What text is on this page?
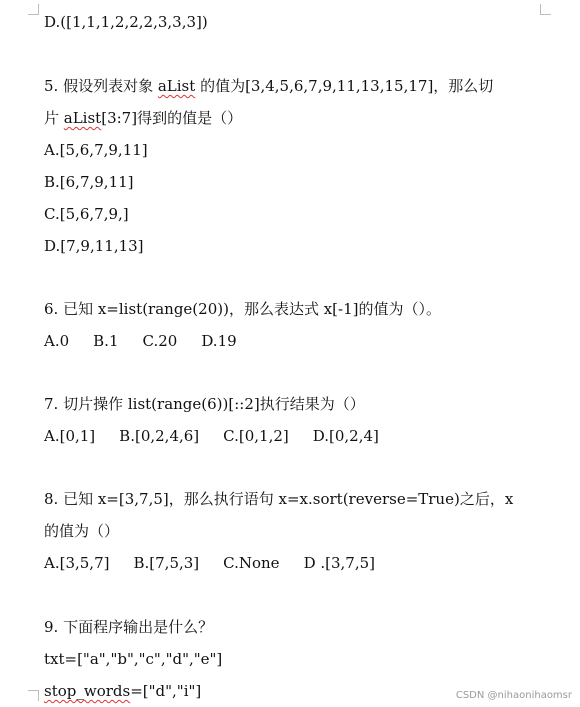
D.([1,1,1,2,2,2,3,3,3])
5. 假设列表对象 aList 的值为[3,4,5,6,7,9,11,13,15,17]，那么切
片 aList[3:7]得到的值是（）
A.[5,6,7,9,11]
B.[6,7,9,11]
C.[5,6,7,9,]
D.[7,9,11,13]
6. 已知 x=list(range(20))，那么表达式 x[-1]的值为（）。
A.0 B.1 C.20 D.19
7. 切片操作 list(range(6))[::2]执行结果为（）
A.[0,1] B.[0,2,4,6] C.[0,1,2] D.[0,2,4]
8. 已知 x=[3,7,5]，那么执行语句 x=x.sort(reverse=True)之后，x
的值为（）
A.[3,5,7] B.[7,5,3] C.None D .[3,7,5]
9. 下面程序输出是什么？
txt=["a","b","c","d","e"]
stop_words=["d","i"]	CSDN @nihaonihaomsr
